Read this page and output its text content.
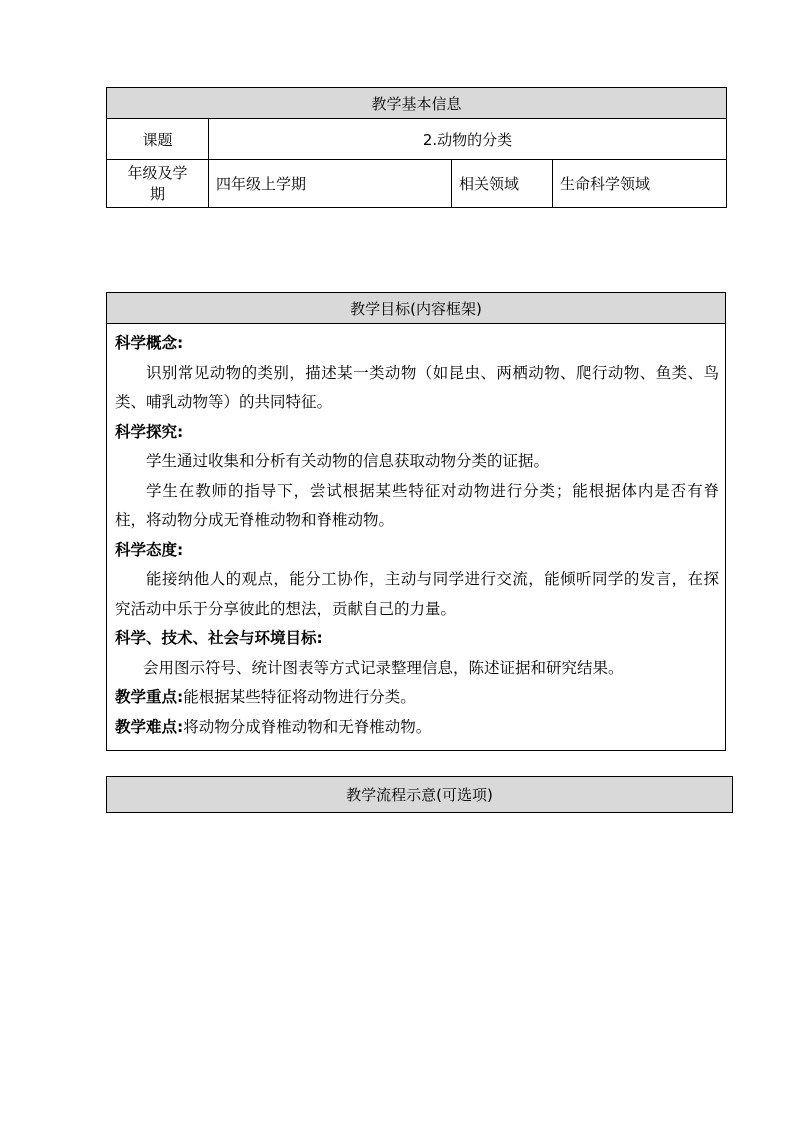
教学基本信息			
课题	2.动物的分类		
年级及学
期	四年级上学期	相关领域	生命科学领域
教学目标(内容框架)

科学概念:

识别常见动物的类别，描述某一类动物（如昆虫、两栖动物、爬行动物、鱼类、鸟类、哺乳动物等）的共同特征。

科学探究:

学生通过收集和分析有关动物的信息获取动物分类的证据。

学生在教师的指导下，尝试根据某些特征对动物进行分类；能根据体内是否有脊柱，将动物分成无脊椎动物和脊椎动物。

科学态度:

能接纳他人的观点，能分工协作，主动与同学进行交流，能倾听同学的发言，在探究活动中乐于分享彼此的想法，贡献自己的力量。

科学、技术、社会与环境目标:

会用图示符号、统计图表等方式记录整理信息，陈述证据和研究结果。

教学重点:能根据某些特征将动物进行分类。

教学难点:将动物分成脊椎动物和无脊椎动物。

教学流程示意(可选项)
